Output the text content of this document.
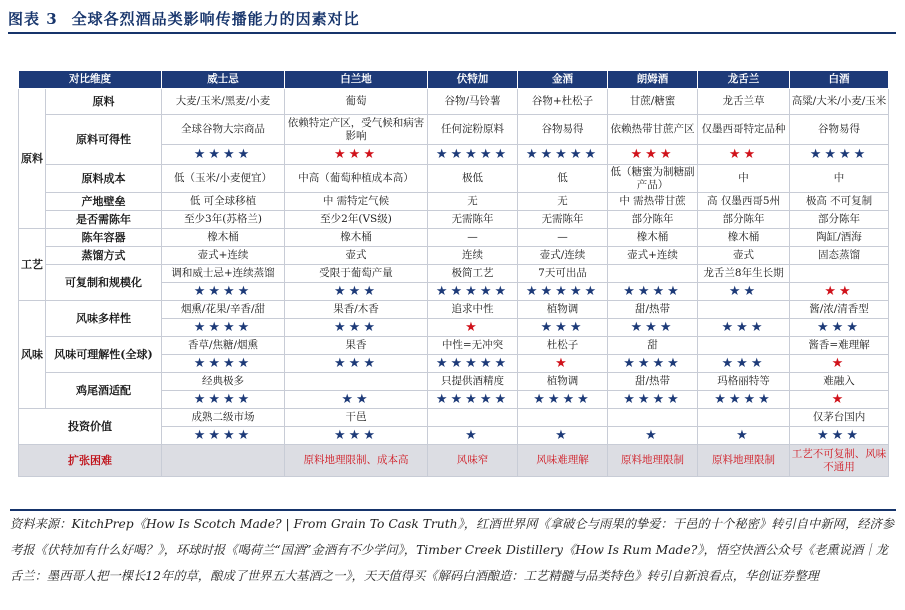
图表 3 全球各烈酒品类影响传播能力的因素对比
对比维度		威士忌	白兰地	伏特加	金酒	朗姆酒	龙舌兰	白酒
原料	原料	大麦/玉米/黑麦/小麦	葡萄	谷物/马铃薯	谷物+杜松子	甘蔗/糖蜜	龙舌兰草	高粱/大米/小麦/玉米
	原料可得性	全球谷物大宗商品	依赖特定产区，受气候和病害影响	任何淀粉原料	谷物易得	依赖热带甘蔗产区	仅墨西哥特定品种	谷物易得
		★★★★	★★★	★★★★★	★★★★★	★★★	★★	★★★★
	原料成本	低（玉米/小麦便宜）	中高（葡萄种植成本高）	极低	低	低（糖蜜为制糖副产品）	中	中
	产地壁垒	低 可全球移植	中 需特定气候	无	无	中 需热带甘蔗	高 仅墨西哥5州	极高 不可复制
	是否需陈年	至少3年(苏格兰)	至少2年(VS级)	无需陈年	无需陈年	部分陈年	部分陈年	部分陈年
工艺	陈年容器	橡木桶	橡木桶	—	—	橡木桶	橡木桶	陶缸/酒海
	蒸馏方式	壶式+连续	壶式	连续	壶式/连续	壶式+连续	壶式	固态蒸馏
	可复制和规模化	调和威士忌+连续蒸馏	受限于葡萄产量	极简工艺	7天可出品		龙舌兰8年生长期	
		★★★★	★★★	★★★★★	★★★★★	★★★★	★★	★★
风味	风味多样性	烟熏/花果/辛香/甜	果香/木香	追求中性	植物调	甜/热带		酱/浓/清香型
		★★★★	★★★	★	★★★	★★★	★★★	★★★
	风味可理解性(全球)	香草/焦糖/烟熏	果香	中性=无冲突	杜松子	甜		酱香=难理解
		★★★★	★★★	★★★★★	★	★★★★	★★★	★
	鸡尾酒适配	经典极多		只提供酒精度	植物调	甜/热带	玛格丽特等	难融入
		★★★★	★★	★★★★★	★★★★	★★★★	★★★★	★
投资价值		成熟二级市场	干邑					仅茅台国内
		★★★★	★★★	★	★	★	★	★★★
扩张困难			原料地理限制、成本高	风味窄	风味难理解	原料地理限制	原料地理限制	工艺不可复制、风味不通用
资料来源：KitchPrep《How Is Scotch Made? | From Grain To Cask Truth》，红酒世界网《拿破仑与雨果的挚爱：干邑的十个秘密》转引自中新网，经济参考报《伏特加有什么好喝？》，环球时报《喝荷兰“国酒”金酒有不少学问》，Timber Creek Distillery《How Is Rum Made?》，悟空快酒公众号《老熏说酒｜龙舌兰：墨西哥人把一棵长12年的草，酿成了世界五大基酒之一》，天天值得买《解码白酒酿造：工艺精髓与品类特色》转引自新浪看点，华创证券整理
